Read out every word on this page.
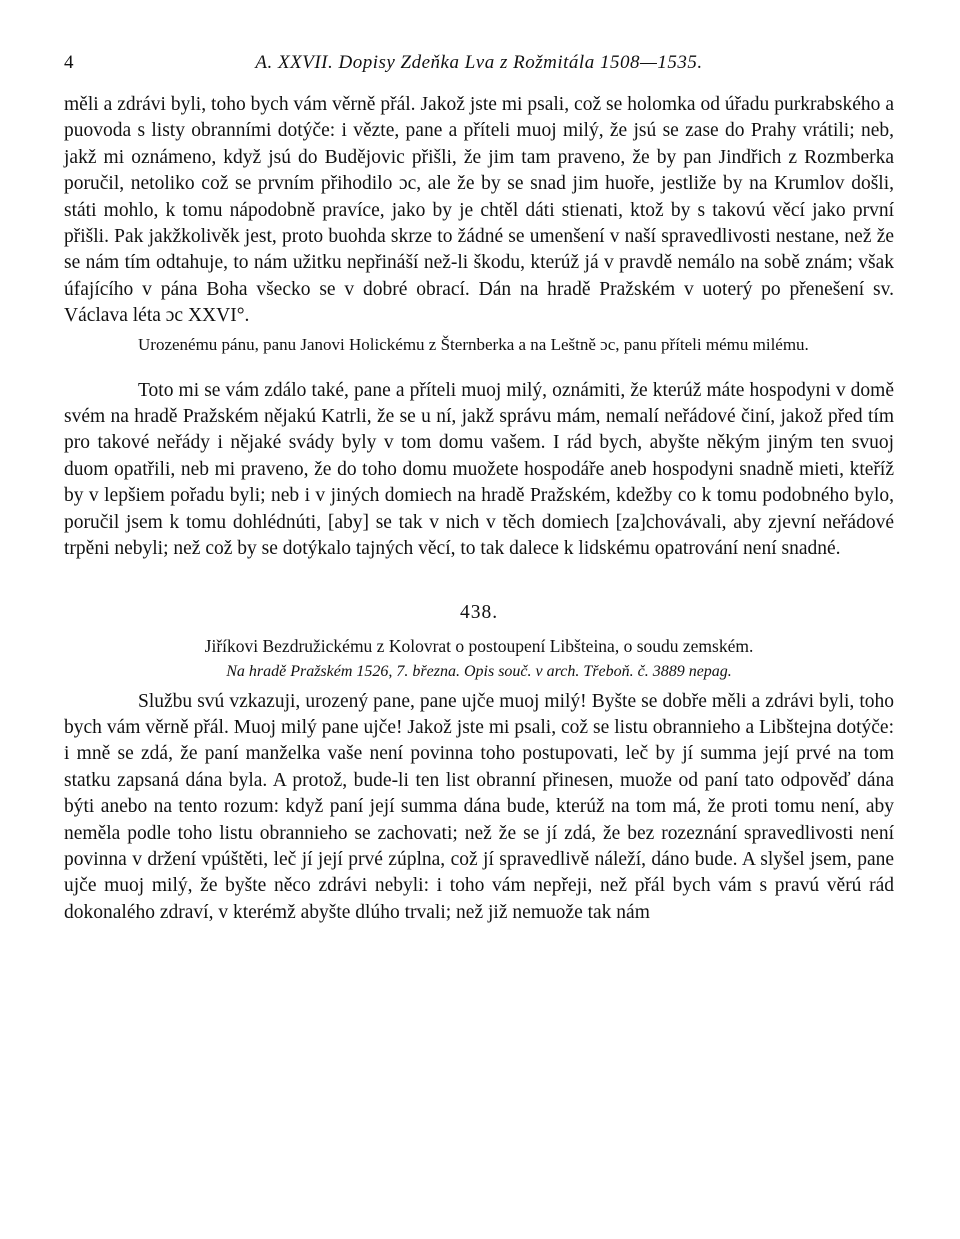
4	A. XXVII. Dopisy Zdeňka Lva z Rožmitála 1508—1535.

měli a zdrávi byli, toho bych vám věrně přál. Jakož jste mi psali, což se holomka od úřadu purkrabského a puovoda s listy obranními dotýče: i vězte, pane a příteli muoj milý, že jsú se zase do Prahy vrátili; neb, jakž mi oznámeno, když jsú do Budějovic přišli, že jim tam praveno, že by pan Jindřich z Rozmberka poručil, netoliko což se prvním přihodilo ɔc, ale že by se snad jim huoře, jestliže by na Krumlov došli, státi mohlo, k tomu nápodobně pravíce, jako by je chtěl dáti stienati, ktož by s takovú věcí jako první přišli. Pak jakžkolivěk jest, proto buohda skrze to žádné se umenšení v naší spravedlivosti nestane, než že se nám tím odtahuje, to nám užitku nepřináší než-li škodu, kterúž já v pravdě nemálo na sobě znám; však úfajícího v pána Boha všecko se v dobré obrací. Dán na hradě Pražském v uoterý po přenešení sv. Václava léta ɔc XXVI°.

Urozenému pánu, panu Janovi Holickému z Šternberka a na Leštně ɔc, panu příteli mému milému.

Toto mi se vám zdálo také, pane a příteli muoj milý, oznámiti, že kterúž máte hospodyni v domě svém na hradě Pražském nějakú Katrli, že se u ní, jakž správu mám, nemalí neřádové činí, jakož před tím pro takové neřády i nějaké svády byly v tom domu vašem. I rád bych, abyšte někým jiným ten svuoj duom opatřili, neb mi praveno, že do toho domu muožete hospodáře aneb hospodyni snadně mieti, kteříž by v lepšiem pořadu byli; neb i v jiných domiech na hradě Pražském, kdežby co k tomu podobného bylo, poručil jsem k tomu dohlédnúti, [aby] se tak v nich v těch domiech [za]chovávali, aby zjevní neřádové trpěni nebyli; než což by se dotýkalo tajných věcí, to tak dalece k lidskému opatrování není snadné.

438.
Jiříkovi Bezdružickému z Kolovrat o postoupení Libšteina, o soudu zemském.
Na hradě Pražském 1526, 7. března. Opis souč. v arch. Třeboň. č. 3889 nepag.

Službu svú vzkazuji, urozený pane, pane ujče muoj milý! Byšte se dobře měli a zdrávi byli, toho bych vám věrně přál. Muoj milý pane ujče! Jakož jste mi psali, což se listu obrannieho a Libštejna dotýče: i mně se zdá, že paní manželka vaše není povinna toho postupovati, leč by jí summa její prvé na tom statku zapsaná dána byla. A protož, bude-li ten list obranní přinesen, muože od paní tato odpověď dána býti anebo na tento rozum: když paní její summa dána bude, kterúž na tom má, že proti tomu není, aby neměla podle toho listu obrannieho se zachovati; než že se jí zdá, že bez rozeznání spravedlivosti není povinna v držení vpúštěti, leč jí její prvé zúplna, což jí spravedlivě náleží, dáno bude. A slyšel jsem, pane ujče muoj milý, že byšte něco zdrávi nebyli: i toho vám nepřeji, než přál bych vám s pravú věrú rád dokonalého zdraví, v kterémž abyšte dlúho trvali; než již nemuože tak nám
